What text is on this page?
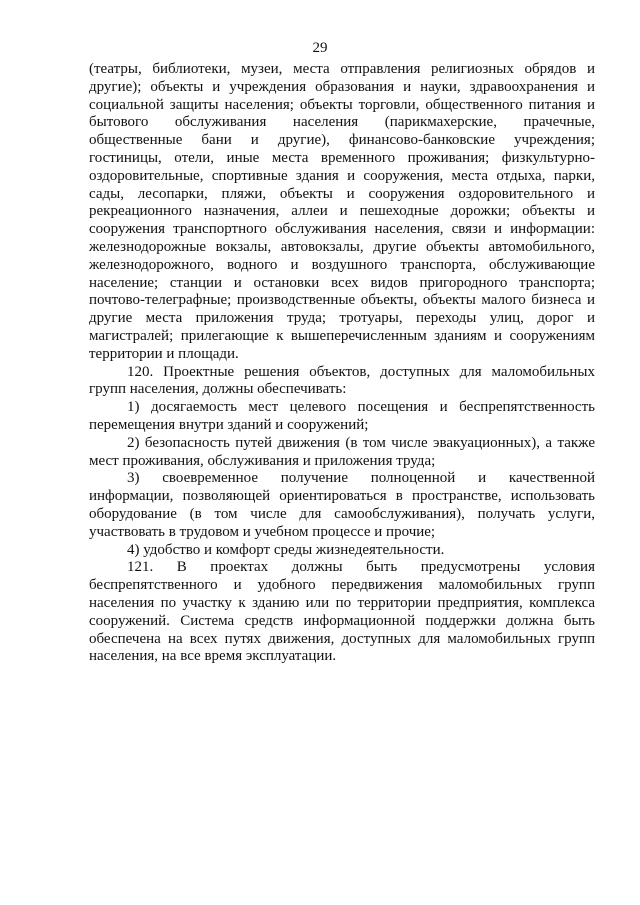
29
(театры, библиотеки, музеи, места отправления религиозных обрядов и
другие); объекты и учреждения образования и науки, здравоохранения и
социальной защиты населения; объекты торговли, общественного питания и
бытового обслуживания населения (парикмахерские, прачечные,
общественные бани и другие), финансово-банковские учреждения;
гостиницы, отели, иные места временного проживания; физкультурно-
оздоровительные, спортивные здания и сооружения, места отдыха, парки,
сады, лесопарки, пляжи, объекты и сооружения оздоровительного и
рекреационного назначения, аллеи и пешеходные дорожки; объекты и
сооружения транспортного обслуживания населения, связи и информации:
железнодорожные вокзалы, автовокзалы, другие объекты автомобильного,
железнодорожного, водного и воздушного транспорта, обслуживающие
население; станции и остановки всех видов пригородного транспорта;
почтово-телеграфные; производственные объекты, объекты малого бизнеса и
другие места приложения труда; тротуары, переходы улиц, дорог и
магистралей; прилегающие к вышеперечисленным зданиям и сооружениям
территории и площади.
120. Проектные решения объектов, доступных для маломобильных
групп населения, должны обеспечивать:
1) досягаемость мест целевого посещения и беспрепятственность
перемещения внутри зданий и сооружений;
2) безопасность путей движения (в том числе эвакуационных), а также
мест проживания, обслуживания и приложения труда;
3) своевременное получение полноценной и качественной
информации, позволяющей ориентироваться в пространстве, использовать
оборудование (в том числе для самообслуживания), получать услуги,
участвовать в трудовом и учебном процессе и прочие;
4) удобство и комфорт среды жизнедеятельности.
121. В проектах должны быть предусмотрены условия
беспрепятственного и удобного передвижения маломобильных групп
населения по участку к зданию или по территории предприятия, комплекса
сооружений. Система средств информационной поддержки должна быть
обеспечена на всех путях движения, доступных для маломобильных групп
населения, на все время эксплуатации.
